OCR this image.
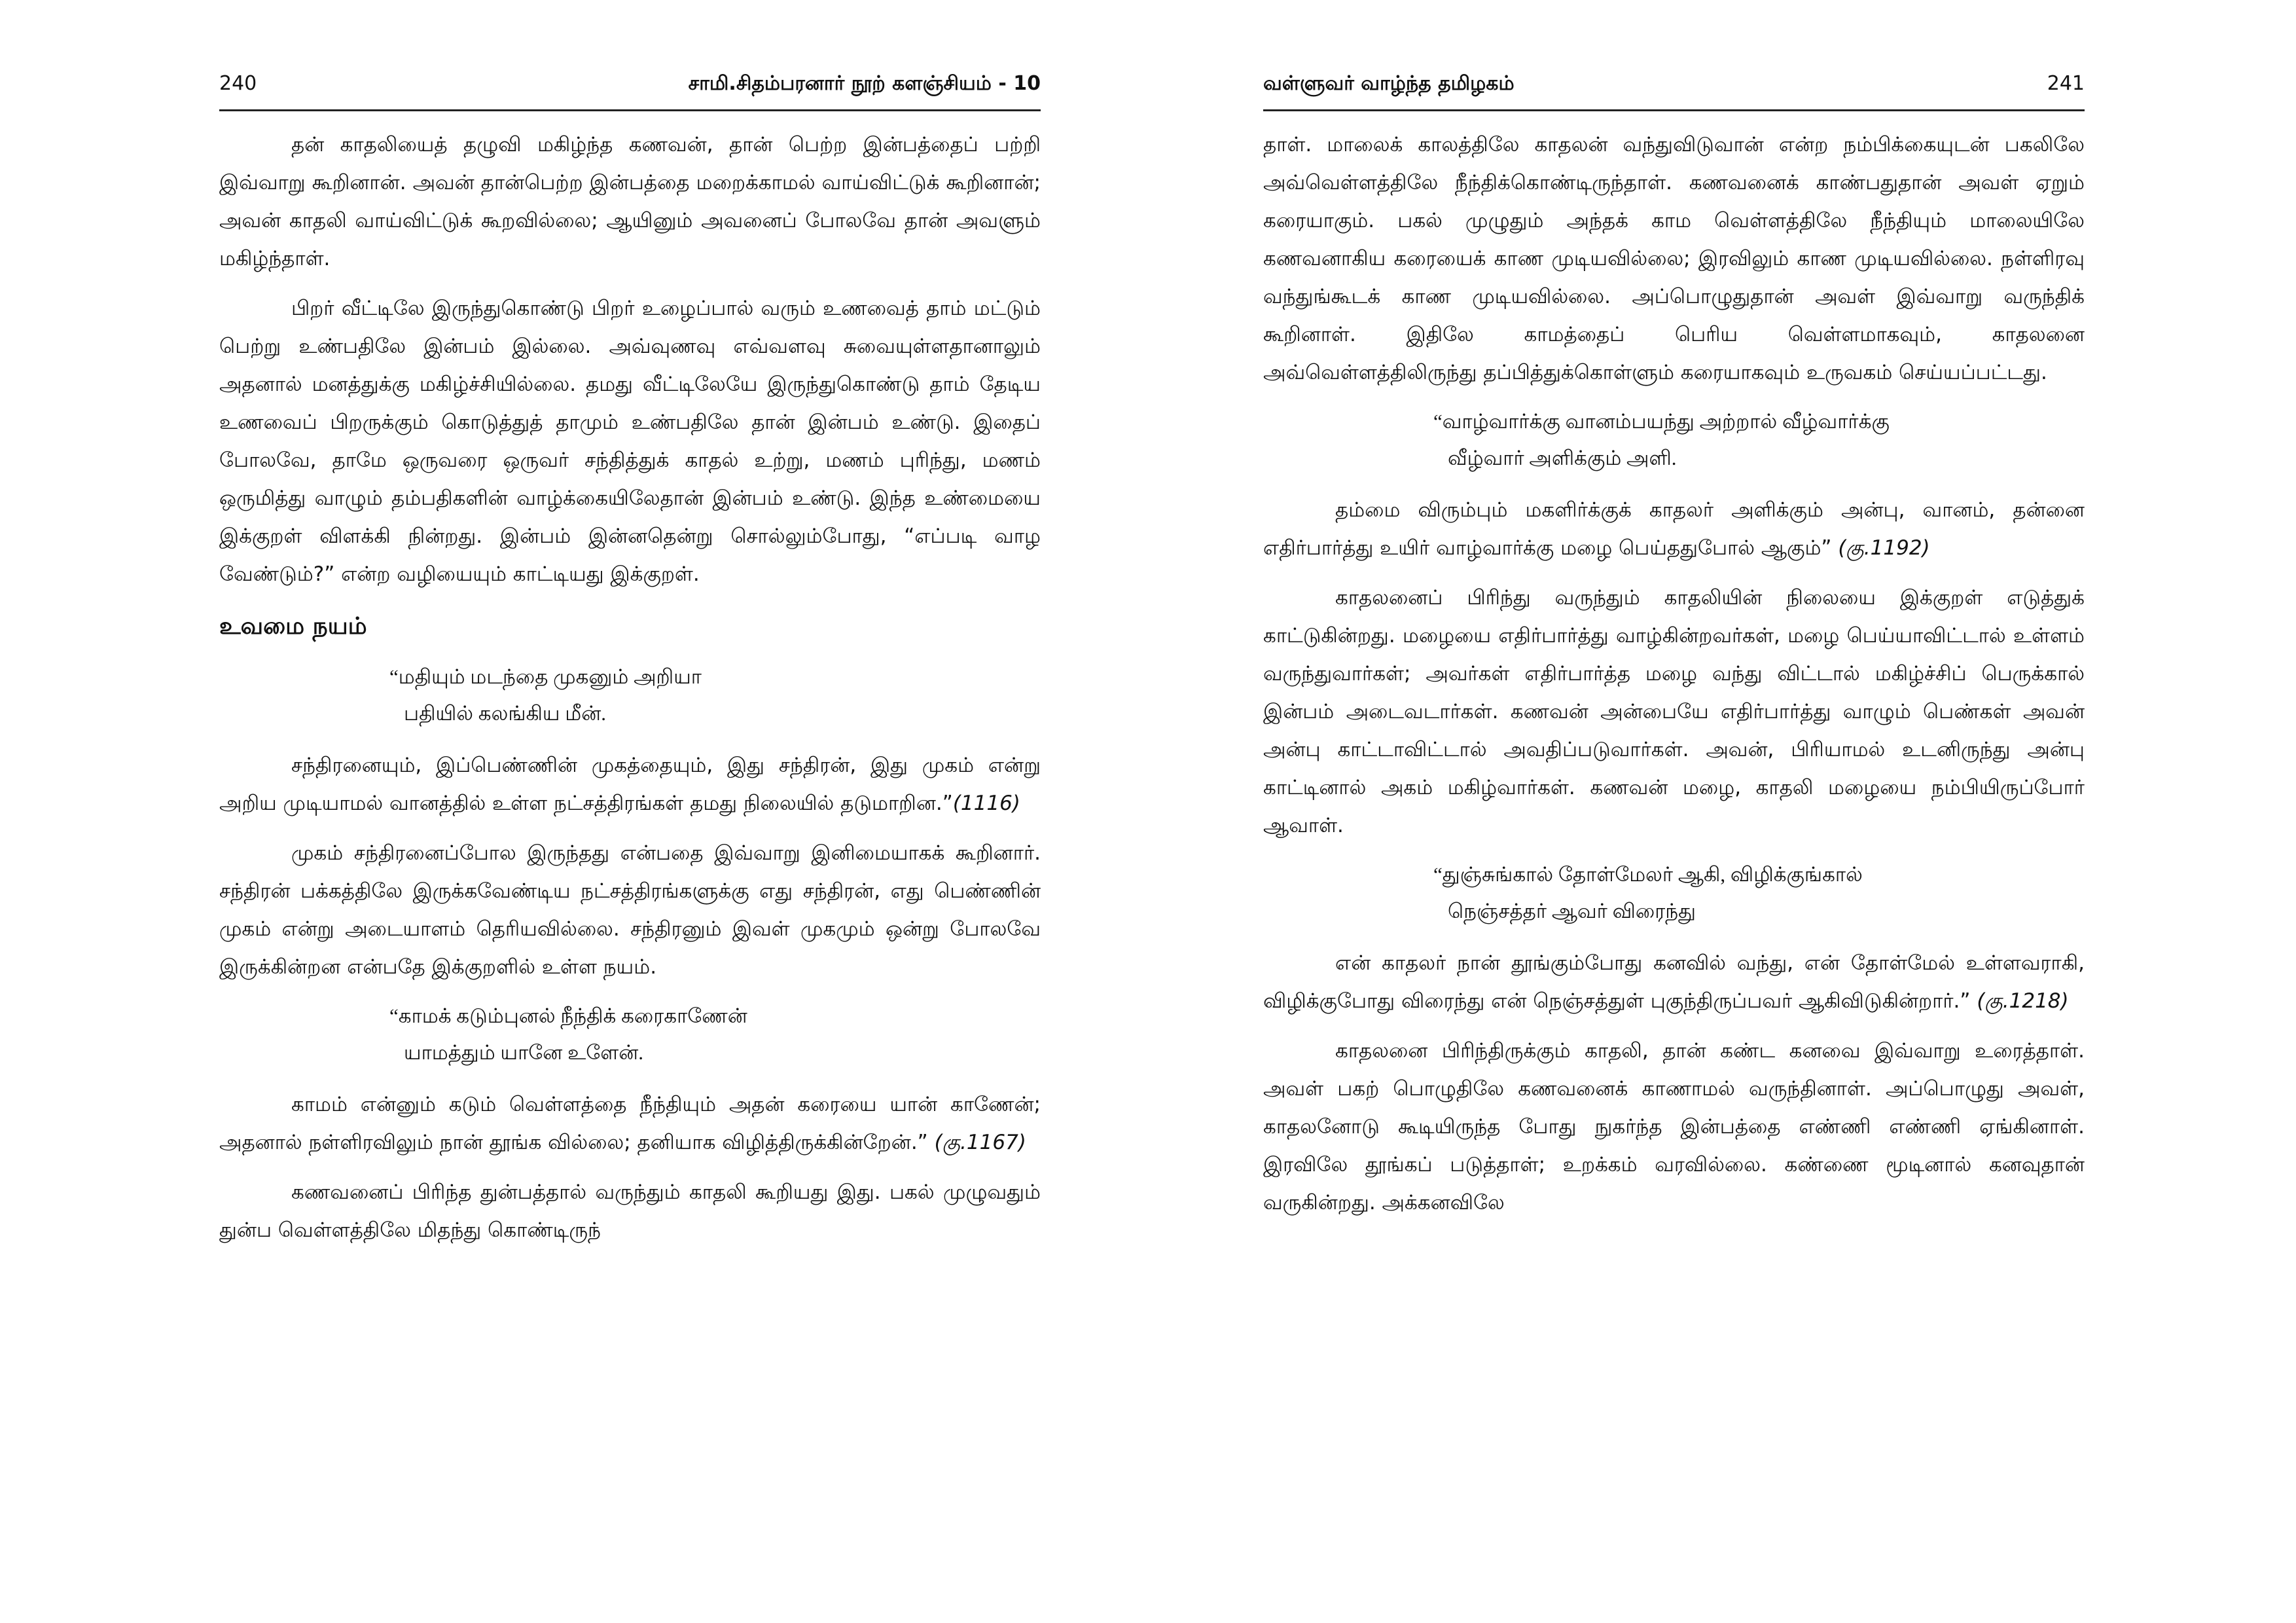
240	சாமி.சிதம்பரனார் நூற் களஞ்சியம் - 10

தன் காதலியைத் தழுவி மகிழ்ந்த கணவன், தான் பெற்ற இன்பத்தைப் பற்றி இவ்வாறு கூறினான். அவன் தான்பெற்ற இன்பத்தை மறைக்காமல் வாய்விட்டுக் கூறினான்; அவன் காதலி வாய்விட்டுக் கூறவில்லை; ஆயினும் அவனைப் போலவே தான் அவளும் மகிழ்ந்தாள்.

பிறர் வீட்டிலே இருந்துகொண்டு பிறர் உழைப்பால் வரும் உணவைத் தாம் மட்டும் பெற்று உண்பதிலே இன்பம் இல்லை. அவ்வுணவு எவ்வளவு சுவையுள்ளதானாலும் அதனால் மனத்துக்கு மகிழ்ச்சியில்லை. தமது வீட்டிலேயே இருந்துகொண்டு தாம் தேடிய உணவைப் பிறருக்கும் கொடுத்துத் தாமும் உண்பதிலே தான் இன்பம் உண்டு. இதைப் போலவே, தாமே ஒருவரை ஒருவர் சந்தித்துக் காதல் உற்று, மணம் புரிந்து, மணம் ஒருமித்து வாழும் தம்பதிகளின் வாழ்க்கையிலேதான் இன்பம் உண்டு. இந்த உண்மையை இக்குறள் விளக்கி நின்றது. இன்பம் இன்னதென்று சொல்லும்போது, “எப்படி வாழ வேண்டும்?” என்ற வழியையும் காட்டியது இக்குறள்.

உவமை நயம்
“மதியும் மடந்தை முகனும் அறியா
பதியில் கலங்கிய மீன்.

சந்திரனையும், இப்பெண்ணின் முகத்தையும், இது சந்திரன், இது முகம் என்று அறிய முடியாமல் வானத்தில் உள்ள நட்சத்திரங்கள் தமது நிலையில் தடுமாறின.”(1116)

முகம் சந்திரனைப்போல இருந்தது என்பதை இவ்வாறு இனிமையாகக் கூறினார். சந்திரன் பக்கத்திலே இருக்கவேண்டிய நட்சத்திரங்களுக்கு எது சந்திரன், எது பெண்ணின் முகம் என்று அடையாளம் தெரியவில்லை. சந்திரனும் இவள் முகமும் ஒன்று போலவே இருக்கின்றன என்பதே இக்குறளில் உள்ள நயம்.

“காமக் கடும்புனல் நீந்திக் கரைகாணேன்
யாமத்தும் யானே உளேன்.

காமம் என்னும் கடும் வெள்ளத்தை நீந்தியும் அதன் கரையை யான் காணேன்; அதனால் நள்ளிரவிலும் நான் தூங்க வில்லை; தனியாக விழித்திருக்கின்றேன்.” (கு.1167)

கணவனைப் பிரிந்த துன்பத்தால் வருந்தும் காதலி கூறியது இது. பகல் முழுவதும் துன்ப வெள்ளத்திலே மிதந்து கொண்டிருந்

வள்ளுவர் வாழ்ந்த தமிழகம்	241

தாள். மாலைக் காலத்திலே காதலன் வந்துவிடுவான் என்ற நம்பிக்கையுடன் பகலிலே அவ்வெள்ளத்திலே நீந்திக்கொண்டிருந்தாள். கணவனைக் காண்பதுதான் அவள் ஏறும் கரையாகும். பகல் முழுதும் அந்தக் காம வெள்ளத்திலே நீந்தியும் மாலையிலே கணவனாகிய கரையைக் காண முடியவில்லை; இரவிலும் காண முடியவில்லை. நள்ளிரவு வந்துங்கூடக் காண முடியவில்லை. அப்பொழுதுதான் அவள் இவ்வாறு வருந்திக் கூறினாள். இதிலே காமத்தைப் பெரிய வெள்ளமாகவும், காதலனை அவ்வெள்ளத்திலிருந்து தப்பித்துக்கொள்ளும் கரையாகவும் உருவகம் செய்யப்பட்டது.

“வாழ்வார்க்கு வானம்பயந்து அற்றால் வீழ்வார்க்கு
வீழ்வார் அளிக்கும் அளி.

தம்மை விரும்பும் மகளிர்க்குக் காதலர் அளிக்கும் அன்பு, வானம், தன்னை எதிர்பார்த்து உயிர் வாழ்வார்க்கு மழை பெய்ததுபோல் ஆகும்” (கு.1192)

காதலனைப் பிரிந்து வருந்தும் காதலியின் நிலையை இக்குறள் எடுத்துக் காட்டுகின்றது. மழையை எதிர்பார்த்து வாழ்கின்றவர்கள், மழை பெய்யாவிட்டால் உள்ளம் வருந்துவார்கள்; அவர்கள் எதிர்பார்த்த மழை வந்து விட்டால் மகிழ்ச்சிப் பெருக்கால் இன்பம் அடைவடார்கள். கணவன் அன்பையே எதிர்பார்த்து வாழும் பெண்கள் அவன் அன்பு காட்டாவிட்டால் அவதிப்படுவார்கள். அவன், பிரியாமல் உடனிருந்து அன்பு காட்டினால் அகம் மகிழ்வார்கள். கணவன் மழை, காதலி மழையை நம்பியிருப்போர் ஆவாள்.

“துஞ்சுங்கால் தோள்மேலர் ஆகி, விழிக்குங்கால்
நெஞ்சத்தர் ஆவர் விரைந்து

என் காதலர் நான் தூங்கும்போது கனவில் வந்து, என் தோள்மேல் உள்ளவராகி, விழிக்குபோது விரைந்து என் நெஞ்சத்துள் புகுந்திருப்பவர் ஆகிவிடுகின்றார்.” (கு.1218)

காதலனை பிரிந்திருக்கும் காதலி, தான் கண்ட கனவை இவ்வாறு உரைத்தாள். அவள் பகற் பொழுதிலே கணவனைக் காணாமல் வருந்தினாள். அப்பொழுது அவள், காதலனோடு கூடியிருந்த போது நுகர்ந்த இன்பத்தை எண்ணி எண்ணி ஏங்கினாள். இரவிலே தூங்கப் படுத்தாள்; உறக்கம் வரவில்லை. கண்ணை மூடினால் கனவுதான் வருகின்றது. அக்கனவிலே
